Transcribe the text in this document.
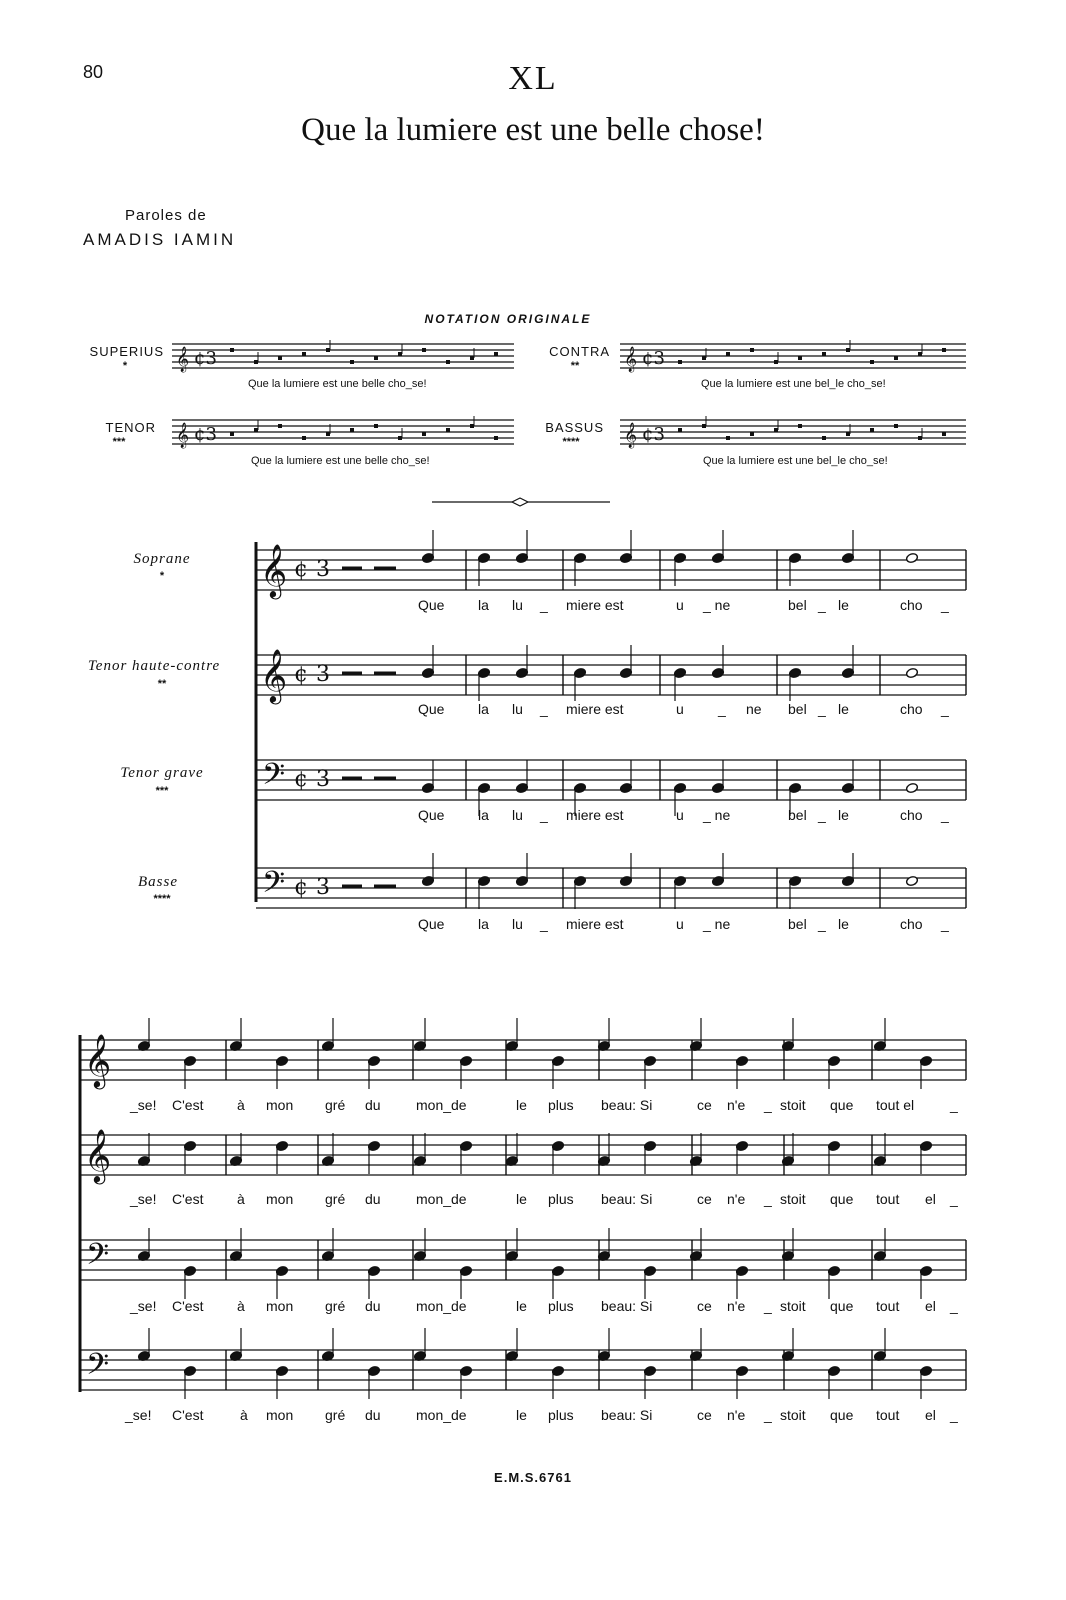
80	XL
Que la lumiere est une belle chose!
Paroles de
AMADIS IAMIN
NOTATION ORIGINALE
SUPERIUS
*
CONTRA
**
TENOR
***
BASSUS
****
Que la lumiere est une belle cho_se!	Que la lumiere est une bel_le cho_se!
Que la lumiere est une belle cho_se!	Que la lumiere est une bel_le cho_se!
Soprane
*
Tenor haute-contre
**
Tenor grave
***
Basse
****
Que la lu _ miere est	u _ ne	bel _ le	cho _
Que la lu _ miere est	u _ ne bel _ le	cho _
Que la lu _ miere est	u _ ne	bel _ le	cho _
Que la lu _ miere est	u _ ne	bel _ le	cho _
_se! C'est à mon gré du	mon_de	le plus beau: Si	ce n'e _ stoit que tout el	_
_se! C'est à mon gré du	mon_de	le plus beau: Si	ce n'e _ stoit que tout el _
_se! C'est à mon gré du	mon_de	le plus beau: Si	ce n'e _ stoit que tout el _
_se! C'est	à mon gré du	mon_de	le plus beau: Si	ce n'e _ stoit que tout el _
𝄞 ¢3	𝄞 ¢3
𝄞 ¢3	𝄞 ¢3
𝄞 ¢ 3
𝄞 ¢ 3
𝄢 ¢ 3
𝄢 ¢ 3
𝄞
𝄞
𝄢
𝄢
E.M.S.6761
